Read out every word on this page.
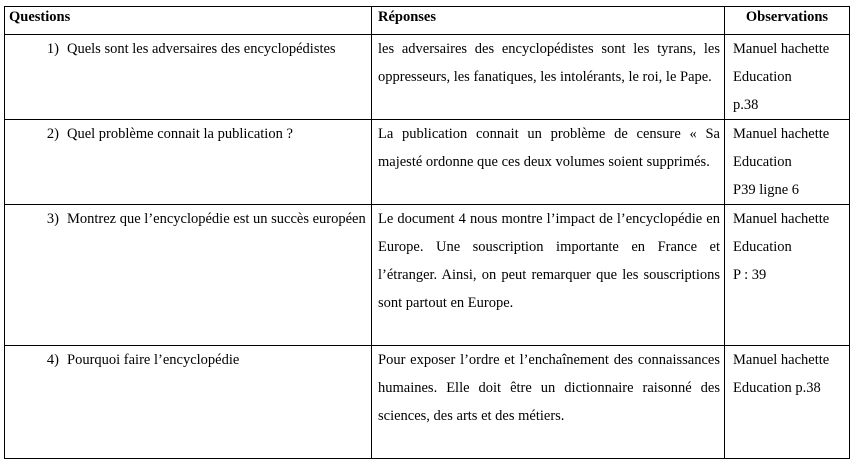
Questions	Réponses	Observations

1) Quels sont les adversaires des encyclopédistes	les adversaires des encyclopédistes sont les tyrans, les oppresseurs, les fanatiques, les intolérants, le roi, le Pape.	Manuel hachette
Education
p.38

2) Quel problème connait la publication ?	La publication connait un problème de censure « Sa majesté ordonne que ces deux volumes soient supprimés.	Manuel hachette
Education
P39 ligne 6

3) Montrez que l’encyclopédie est un succès européen	Le document 4 nous montre l’impact de l’encyclopédie en Europe. Une souscription importante en France et l’étranger. Ainsi, on peut remarquer que les souscriptions sont partout en Europe.	Manuel hachette
Education
P : 39

4) Pourquoi faire l’encyclopédie	Pour exposer l’ordre et l’enchaînement des connaissances humaines. Elle doit être un dictionnaire raisonné des sciences, des arts et des métiers.	Manuel hachette
Education p.38
